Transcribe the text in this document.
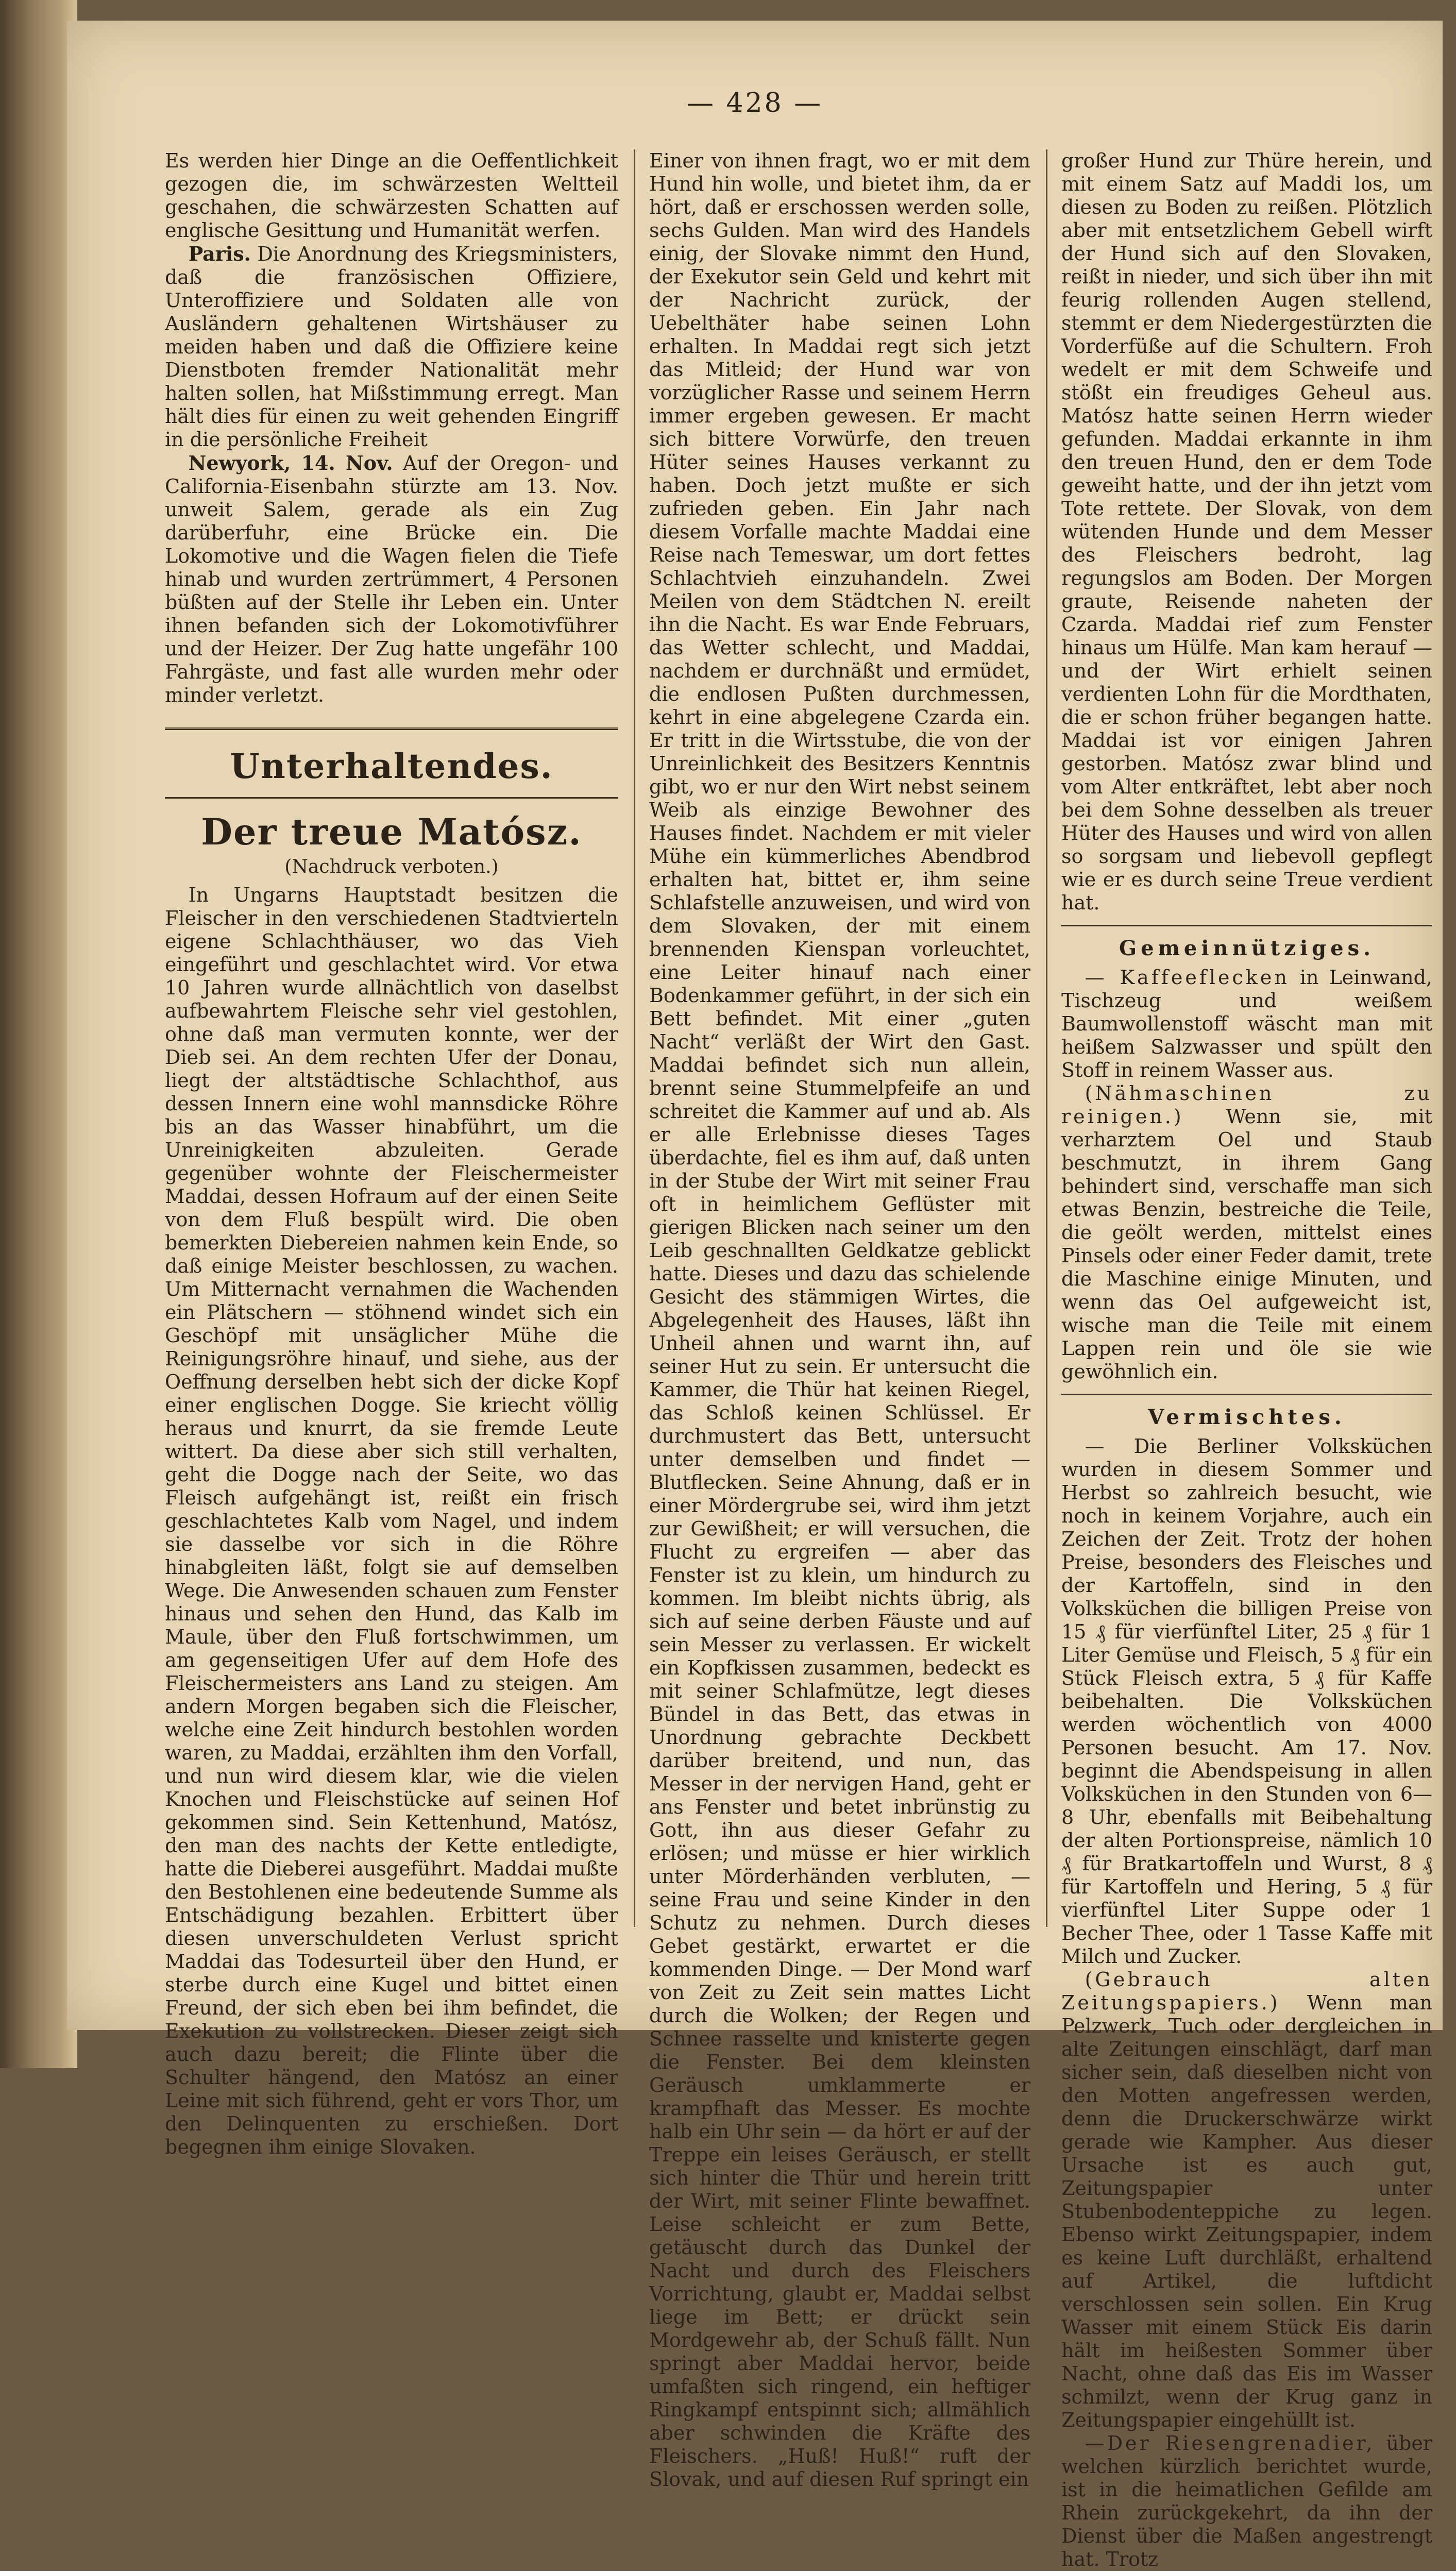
— 428 —

Es werden hier Dinge an die Oeffentlichkeit gezogen die, im schwärzesten Weltteil geschahen, die schwärzesten Schatten auf englische Gesittung und Humanität werfen.

Paris. Die Anordnung des Kriegsministers, daß die französischen Offiziere, Unteroffiziere und Soldaten alle von Ausländern gehaltenen Wirtshäuser zu meiden haben und daß die Offiziere keine Dienstboten fremder Nationalität mehr halten sollen, hat Mißstimmung erregt. Man hält dies für einen zu weit gehenden Eingriff in die persönliche Freiheit

Newyork, 14. Nov. Auf der Oregon- und California-Eisenbahn stürzte am 13. Nov. unweit Salem, gerade als ein Zug darüberfuhr, eine Brücke ein. Die Lokomotive und die Wagen fielen die Tiefe hinab und wurden zertrümmert, 4 Personen büßten auf der Stelle ihr Leben ein. Unter ihnen befanden sich der Lokomotivführer und der Heizer. Der Zug hatte ungefähr 100 Fahrgäste, und fast alle wurden mehr oder minder verletzt.

Unterhaltendes.
Der treue Matósz.
(Nachdruck verboten.)

In Ungarns Hauptstadt besitzen die Fleischer in den verschiedenen Stadtvierteln eigene Schlachthäuser, wo das Vieh eingeführt und geschlachtet wird. Vor etwa 10 Jahren wurde allnächtlich von daselbst aufbewahrtem Fleische sehr viel gestohlen, ohne daß man vermuten konnte, wer der Dieb sei. An dem rechten Ufer der Donau, liegt der altstädtische Schlachthof, aus dessen Innern eine wohl mannsdicke Röhre bis an das Wasser hinabführt, um die Unreinigkeiten abzuleiten. Gerade gegenüber wohnte der Fleischermeister Maddai, dessen Hofraum auf der einen Seite von dem Fluß bespült wird. Die oben bemerkten Diebereien nahmen kein Ende, so daß einige Meister beschlossen, zu wachen. Um Mitternacht vernahmen die Wachenden ein Plätschern — stöhnend windet sich ein Geschöpf mit unsäglicher Mühe die Reinigungsröhre hinauf, und siehe, aus der Oeffnung derselben hebt sich der dicke Kopf einer englischen Dogge. Sie kriecht völlig heraus und knurrt, da sie fremde Leute wittert. Da diese aber sich still verhalten, geht die Dogge nach der Seite, wo das Fleisch aufgehängt ist, reißt ein frisch geschlachtetes Kalb vom Nagel, und indem sie dasselbe vor sich in die Röhre hinabgleiten läßt, folgt sie auf demselben Wege. Die Anwesenden schauen zum Fenster hinaus und sehen den Hund, das Kalb im Maule, über den Fluß fortschwimmen, um am gegenseitigen Ufer auf dem Hofe des Fleischermeisters ans Land zu steigen. Am andern Morgen begaben sich die Fleischer, welche eine Zeit hindurch bestohlen worden waren, zu Maddai, erzählten ihm den Vorfall, und nun wird diesem klar, wie die vielen Knochen und Fleischstücke auf seinen Hof gekommen sind. Sein Kettenhund, Matósz, den man des nachts der Kette entledigte, hatte die Dieberei ausgeführt. Maddai mußte den Bestohlenen eine bedeutende Summe als Entschädigung bezahlen. Erbittert über diesen unverschuldeten Verlust spricht Maddai das Todesurteil über den Hund, er sterbe durch eine Kugel und bittet einen Freund, der sich eben bei ihm befindet, die Exekution zu vollstrecken. Dieser zeigt sich auch dazu bereit; die Flinte über die Schulter hängend, den Matósz an einer Leine mit sich führend, geht er vors Thor, um den Delinquenten zu erschießen. Dort begegnen ihm einige Slovaken.

Einer von ihnen fragt, wo er mit dem Hund hin wolle, und bietet ihm, da er hört, daß er erschossen werden solle, sechs Gulden. Man wird des Handels einig, der Slovake nimmt den Hund, der Exekutor sein Geld und kehrt mit der Nachricht zurück, der Uebelthäter habe seinen Lohn erhalten. In Maddai regt sich jetzt das Mitleid; der Hund war von vorzüglicher Rasse und seinem Herrn immer ergeben gewesen. Er macht sich bittere Vorwürfe, den treuen Hüter seines Hauses verkannt zu haben. Doch jetzt mußte er sich zufrieden geben. Ein Jahr nach diesem Vorfalle machte Maddai eine Reise nach Temeswar, um dort fettes Schlachtvieh einzuhandeln. Zwei Meilen von dem Städtchen N. ereilt ihn die Nacht. Es war Ende Februars, das Wetter schlecht, und Maddai, nachdem er durchnäßt und ermüdet, die endlosen Pußten durchmessen, kehrt in eine abgelegene Czarda ein. Er tritt in die Wirtsstube, die von der Unreinlichkeit des Besitzers Kenntnis gibt, wo er nur den Wirt nebst seinem Weib als einzige Bewohner des Hauses findet. Nachdem er mit vieler Mühe ein kümmerliches Abendbrod erhalten hat, bittet er, ihm seine Schlafstelle anzuweisen, und wird von dem Slovaken, der mit einem brennenden Kienspan vorleuchtet, eine Leiter hinauf nach einer Bodenkammer geführt, in der sich ein Bett befindet. Mit einer „guten Nacht“ verläßt der Wirt den Gast. Maddai befindet sich nun allein, brennt seine Stummelpfeife an und schreitet die Kammer auf und ab. Als er alle Erlebnisse dieses Tages überdachte, fiel es ihm auf, daß unten in der Stube der Wirt mit seiner Frau oft in heimlichem Geflüster mit gierigen Blicken nach seiner um den Leib geschnallten Geldkatze geblickt hatte. Dieses und dazu das schielende Gesicht des stämmigen Wirtes, die Abgelegenheit des Hauses, läßt ihn Unheil ahnen und warnt ihn, auf seiner Hut zu sein. Er untersucht die Kammer, die Thür hat keinen Riegel, das Schloß keinen Schlüssel. Er durchmustert das Bett, untersucht unter demselben und findet — Blutflecken. Seine Ahnung, daß er in einer Mördergrube sei, wird ihm jetzt zur Gewißheit; er will versuchen, die Flucht zu ergreifen — aber das Fenster ist zu klein, um hindurch zu kommen. Im bleibt nichts übrig, als sich auf seine derben Fäuste und auf sein Messer zu verlassen. Er wickelt ein Kopfkissen zusammen, bedeckt es mit seiner Schlafmütze, legt dieses Bündel in das Bett, das etwas in Unordnung gebrachte Deckbett darüber breitend, und nun, das Messer in der nervigen Hand, geht er ans Fenster und betet inbrünstig zu Gott, ihn aus dieser Gefahr zu erlösen; und müsse er hier wirklich unter Mörderhänden verbluten, — seine Frau und seine Kinder in den Schutz zu nehmen. Durch dieses Gebet gestärkt, erwartet er die kommenden Dinge. — Der Mond warf von Zeit zu Zeit sein mattes Licht durch die Wolken; der Regen und Schnee rasselte und knisterte gegen die Fenster. Bei dem kleinsten Geräusch umklammerte er krampfhaft das Messer. Es mochte halb ein Uhr sein — da hört er auf der Treppe ein leises Geräusch, er stellt sich hinter die Thür und herein tritt der Wirt, mit seiner Flinte bewaffnet. Leise schleicht er zum Bette, getäuscht durch das Dunkel der Nacht und durch des Fleischers Vorrichtung, glaubt er, Maddai selbst liege im Bett; er drückt sein Mordgewehr ab, der Schuß fällt. Nun springt aber Maddai hervor, beide umfaßten sich ringend, ein heftiger Ringkampf entspinnt sich; allmählich aber schwinden die Kräfte des Fleischers. „Huß! Huß!“ ruft der Slovak, und auf diesen Ruf springt ein

großer Hund zur Thüre herein, und mit einem Satz auf Maddi los, um diesen zu Boden zu reißen. Plötzlich aber mit entsetzlichem Gebell wirft der Hund sich auf den Slovaken, reißt in nieder, und sich über ihn mit feurig rollenden Augen stellend, stemmt er dem Niedergestürzten die Vorderfüße auf die Schultern. Froh wedelt er mit dem Schweife und stößt ein freudiges Geheul aus. Matósz hatte seinen Herrn wieder gefunden. Maddai erkannte in ihm den treuen Hund, den er dem Tode geweiht hatte, und der ihn jetzt vom Tote rettete. Der Slovak, von dem wütenden Hunde und dem Messer des Fleischers bedroht, lag regungslos am Boden. Der Morgen graute, Reisende naheten der Czarda. Maddai rief zum Fenster hinaus um Hülfe. Man kam herauf — und der Wirt erhielt seinen verdienten Lohn für die Mordthaten, die er schon früher begangen hatte. Maddai ist vor einigen Jahren gestorben. Matósz zwar blind und vom Alter entkräftet, lebt aber noch bei dem Sohne desselben als treuer Hüter des Hauses und wird von allen so sorgsam und liebevoll gepflegt wie er es durch seine Treue verdient hat.

Gemeinnütziges.

— Kaffeeflecken in Leinwand, Tischzeug und weißem Baumwollenstoff wäscht man mit heißem Salzwasser und spült den Stoff in reinem Wasser aus.

(Nähmaschinen zu reinigen.) Wenn sie, mit verharztem Oel und Staub beschmutzt, in ihrem Gang behindert sind, verschaffe man sich etwas Benzin, bestreiche die Teile, die geölt werden, mittelst eines Pinsels oder einer Feder damit, trete die Maschine einige Minuten, und wenn das Oel aufgeweicht ist, wische man die Teile mit einem Lappen rein und öle sie wie gewöhnlich ein.

Vermischtes.

— Die Berliner Volksküchen wurden in diesem Sommer und Herbst so zahlreich besucht, wie noch in keinem Vorjahre, auch ein Zeichen der Zeit. Trotz der hohen Preise, besonders des Fleisches und der Kartoffeln, sind in den Volksküchen die billigen Preise von 15 ₰ für vierfünftel Liter, 25 ₰ für 1 Liter Gemüse und Fleisch, 5 ₰ für ein Stück Fleisch extra, 5 ₰ für Kaffe beibehalten. Die Volksküchen werden wöchentlich von 4000 Personen besucht. Am 17. Nov. beginnt die Abendspeisung in allen Volksküchen in den Stunden von 6—8 Uhr, ebenfalls mit Beibehaltung der alten Portionspreise, nämlich 10 ₰ für Bratkartoffeln und Wurst, 8 ₰ für Kartoffeln und Hering, 5 ₰ für vierfünftel Liter Suppe oder 1 Becher Thee, oder 1 Tasse Kaffe mit Milch und Zucker.

(Gebrauch alten Zeitungspapiers.) Wenn man Pelzwerk, Tuch oder dergleichen in alte Zeitungen einschlägt, darf man sicher sein, daß dieselben nicht von den Motten angefressen werden, denn die Druckerschwärze wirkt gerade wie Kampher. Aus dieser Ursache ist es auch gut, Zeitungspapier unter Stubenbodenteppiche zu legen. Ebenso wirkt Zeitungspapier, indem es keine Luft durchläßt, erhaltend auf Artikel, die luftdicht verschlossen sein sollen. Ein Krug Wasser mit einem Stück Eis darin hält im heißesten Sommer über Nacht, ohne daß das Eis im Wasser schmilzt, wenn der Krug ganz in Zeitungspapier eingehüllt ist.

—Der Riesengrenadier, über welchen kürzlich berichtet wurde, ist in die heimatlichen Gefilde am Rhein zurückgekehrt, da ihn der Dienst über die Maßen angestrengt hat. Trotz
